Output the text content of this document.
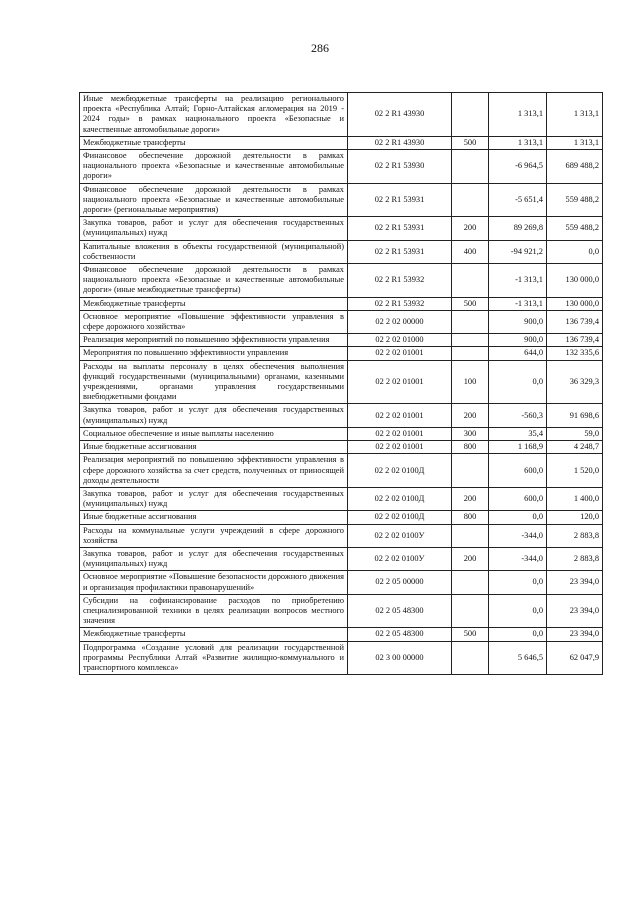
286
Иные межбюджетные трансферты на реализацию регионального проекта «Республика Алтай; Горно-Алтайская агломерация на 2019 - 2024 годы» в рамках национального проекта «Безопасные и качественные автомобильные дороги»	02 2 R1 43930		1 313,1	1 313,1
Межбюджетные трансферты	02 2 R1 43930	500	1 313,1	1 313,1
Финансовое обеспечение дорожной деятельности в рамках национального проекта «Безопасные и качественные автомобильные дороги»	02 2 R1 53930		-6 964,5	689 488,2
Финансовое обеспечение дорожной деятельности в рамках национального проекта «Безопасные и качественные автомобильные дороги» (региональные мероприятия)	02 2 R1 53931		-5 651,4	559 488,2
Закупка товаров, работ и услуг для обеспечения государственных (муниципальных) нужд	02 2 R1 53931	200	89 269,8	559 488,2
Капитальные вложения в объекты государственной (муниципальной) собственности	02 2 R1 53931	400	-94 921,2	0,0
Финансовое обеспечение дорожной деятельности в рамках национального проекта «Безопасные и качественные автомобильные дороги» (иные межбюджетные трансферты)	02 2 R1 53932		-1 313,1	130 000,0
Межбюджетные трансферты	02 2 R1 53932	500	-1 313,1	130 000,0
Основное мероприятие «Повышение эффективности управления в сфере дорожного хозяйства»	02 2 02 00000		900,0	136 739,4
Реализация мероприятий по повышению эффективности управления	02 2 02 01000		900,0	136 739,4
Мероприятия по повышению эффективности управления	02 2 02 01001		644,0	132 335,6
Расходы на выплаты персоналу в целях обеспечения выполнения функций государственными (муниципальными) органами, казенными учреждениями, органами управления государственными внебюджетными фондами	02 2 02 01001	100	0,0	36 329,3
Закупка товаров, работ и услуг для обеспечения государственных (муниципальных) нужд	02 2 02 01001	200	-560,3	91 698,6
Социальное обеспечение и иные выплаты населению	02 2 02 01001	300	35,4	59,0
Иные бюджетные ассигнования	02 2 02 01001	800	1 168,9	4 248,7
Реализация мероприятий по повышению эффективности управления в сфере дорожного хозяйства за счет средств, полученных от приносящей доходы деятельности	02 2 02 0100Д		600,0	1 520,0
Закупка товаров, работ и услуг для обеспечения государственных (муниципальных) нужд	02 2 02 0100Д	200	600,0	1 400,0
Иные бюджетные ассигнования	02 2 02 0100Д	800	0,0	120,0
Расходы на коммунальные услуги учреждений в сфере дорожного хозяйства	02 2 02 0100У		-344,0	2 883,8
Закупка товаров, работ и услуг для обеспечения государственных (муниципальных) нужд	02 2 02 0100У	200	-344,0	2 883,8
Основное мероприятие «Повышение безопасности дорожного движения и организация профилактики правонарушений»	02 2 05 00000		0,0	23 394,0
Субсидии на софинансирование расходов по приобретению специализированной техники в целях реализации вопросов местного значения	02 2 05 48300		0,0	23 394,0
Межбюджетные трансферты	02 2 05 48300	500	0,0	23 394,0
Подпрограмма «Создание условий для реализации государственной программы Республики Алтай «Развитие жилищно-коммунального и транспортного комплекса»	02 3 00 00000		5 646,5	62 047,9
